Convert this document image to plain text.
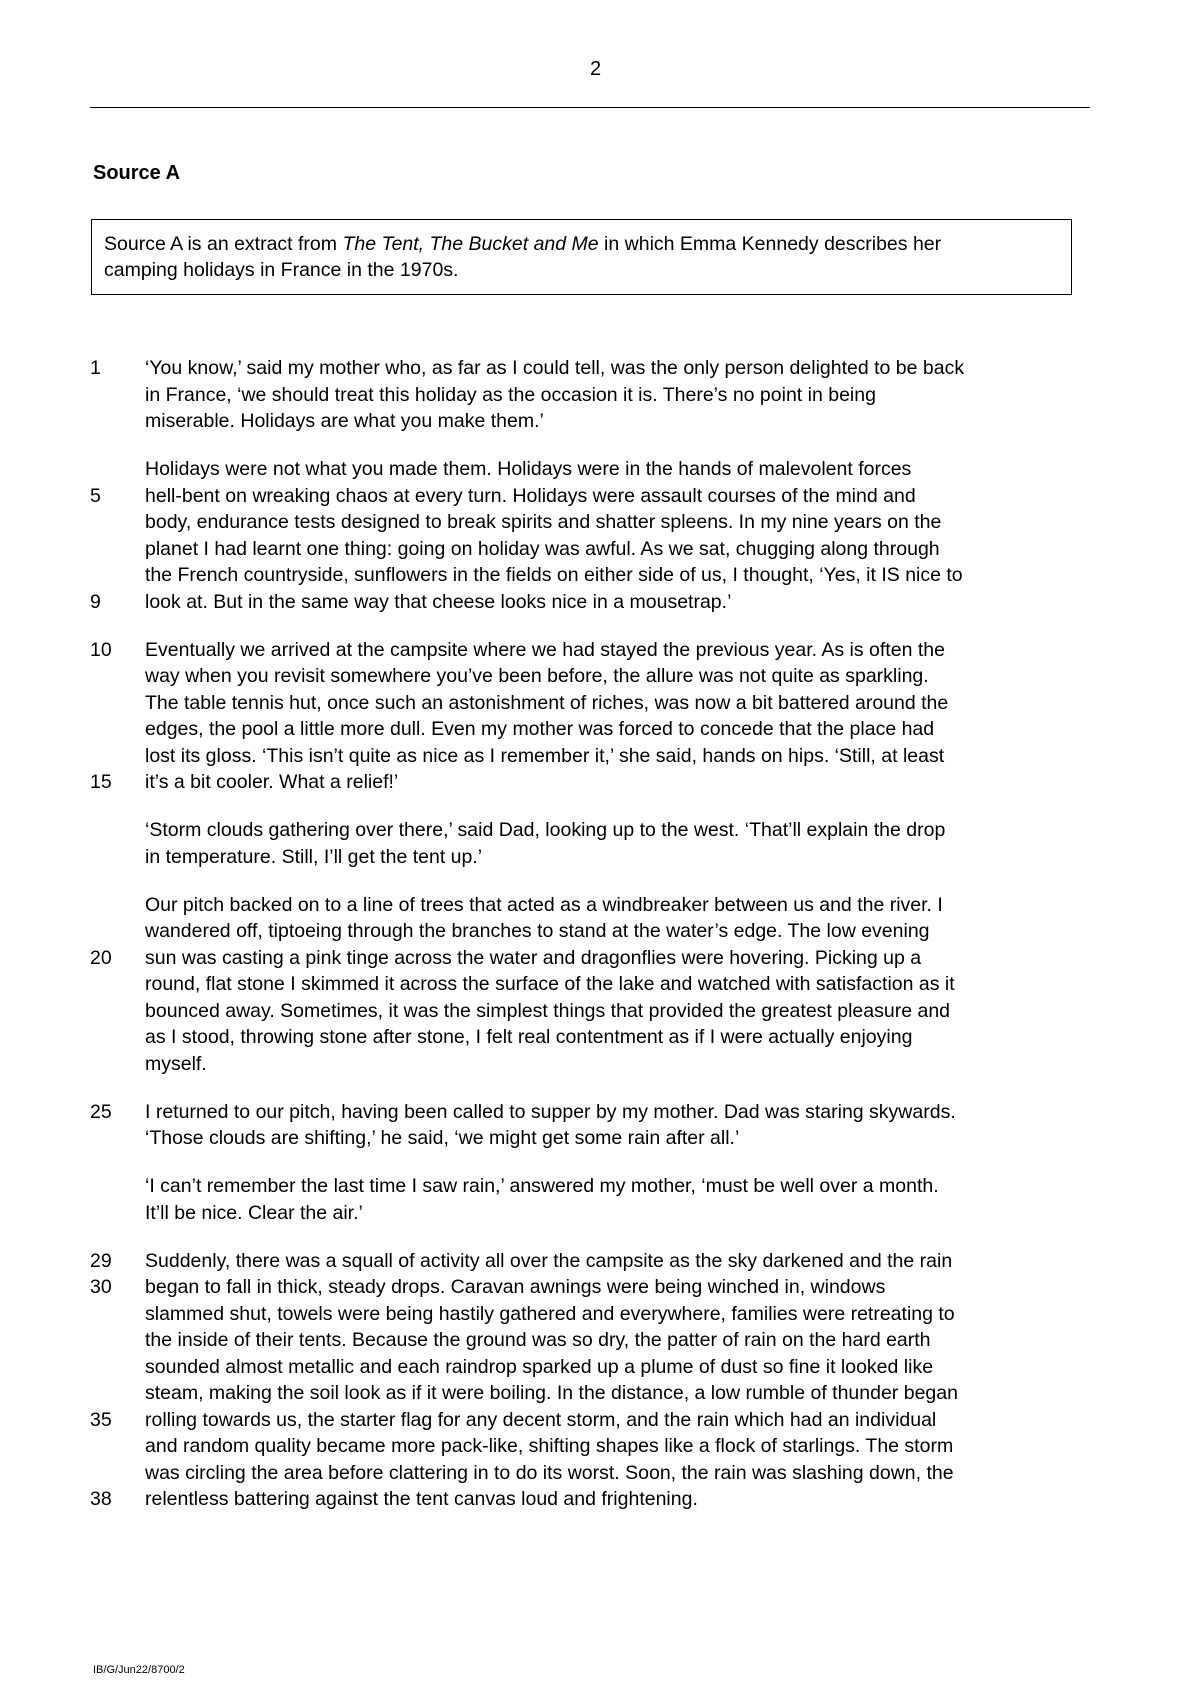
2
Source A
Source A is an extract from The Tent, The Bucket and Me in which Emma Kennedy describes her
camping holidays in France in the 1970s.
1	‘You know,’ said my mother who, as far as I could tell, was the only person delighted to be back
in France, ‘we should treat this holiday as the occasion it is. There’s no point in being
miserable. Holidays are what you make them.’
Holidays were not what you made them. Holidays were in the hands of malevolent forces
5	hell-bent on wreaking chaos at every turn. Holidays were assault courses of the mind and
body, endurance tests designed to break spirits and shatter spleens. In my nine years on the
planet I had learnt one thing: going on holiday was awful. As we sat, chugging along through
the French countryside, sunflowers in the fields on either side of us, I thought, ‘Yes, it IS nice to
9	look at. But in the same way that cheese looks nice in a mousetrap.’
10	Eventually we arrived at the campsite where we had stayed the previous year. As is often the
way when you revisit somewhere you’ve been before, the allure was not quite as sparkling.
The table tennis hut, once such an astonishment of riches, was now a bit battered around the
edges, the pool a little more dull. Even my mother was forced to concede that the place had
lost its gloss. ‘This isn’t quite as nice as I remember it,’ she said, hands on hips. ‘Still, at least
15	it’s a bit cooler. What a relief!’
‘Storm clouds gathering over there,’ said Dad, looking up to the west. ‘That’ll explain the drop
in temperature. Still, I’ll get the tent up.’
Our pitch backed on to a line of trees that acted as a windbreaker between us and the river. I
wandered off, tiptoeing through the branches to stand at the water’s edge. The low evening
20	sun was casting a pink tinge across the water and dragonflies were hovering. Picking up a
round, flat stone I skimmed it across the surface of the lake and watched with satisfaction as it
bounced away. Sometimes, it was the simplest things that provided the greatest pleasure and
as I stood, throwing stone after stone, I felt real contentment as if I were actually enjoying
myself.
25	I returned to our pitch, having been called to supper by my mother. Dad was staring skywards.
‘Those clouds are shifting,’ he said, ‘we might get some rain after all.’
‘I can’t remember the last time I saw rain,’ answered my mother, ‘must be well over a month.
It’ll be nice. Clear the air.’
29	Suddenly, there was a squall of activity all over the campsite as the sky darkened and the rain
30	began to fall in thick, steady drops. Caravan awnings were being winched in, windows
slammed shut, towels were being hastily gathered and everywhere, families were retreating to
the inside of their tents. Because the ground was so dry, the patter of rain on the hard earth
sounded almost metallic and each raindrop sparked up a plume of dust so fine it looked like
steam, making the soil look as if it were boiling. In the distance, a low rumble of thunder began
35	rolling towards us, the starter flag for any decent storm, and the rain which had an individual
and random quality became more pack-like, shifting shapes like a flock of starlings. The storm
was circling the area before clattering in to do its worst. Soon, the rain was slashing down, the
38	relentless battering against the tent canvas loud and frightening.
IB/G/Jun22/8700/2
